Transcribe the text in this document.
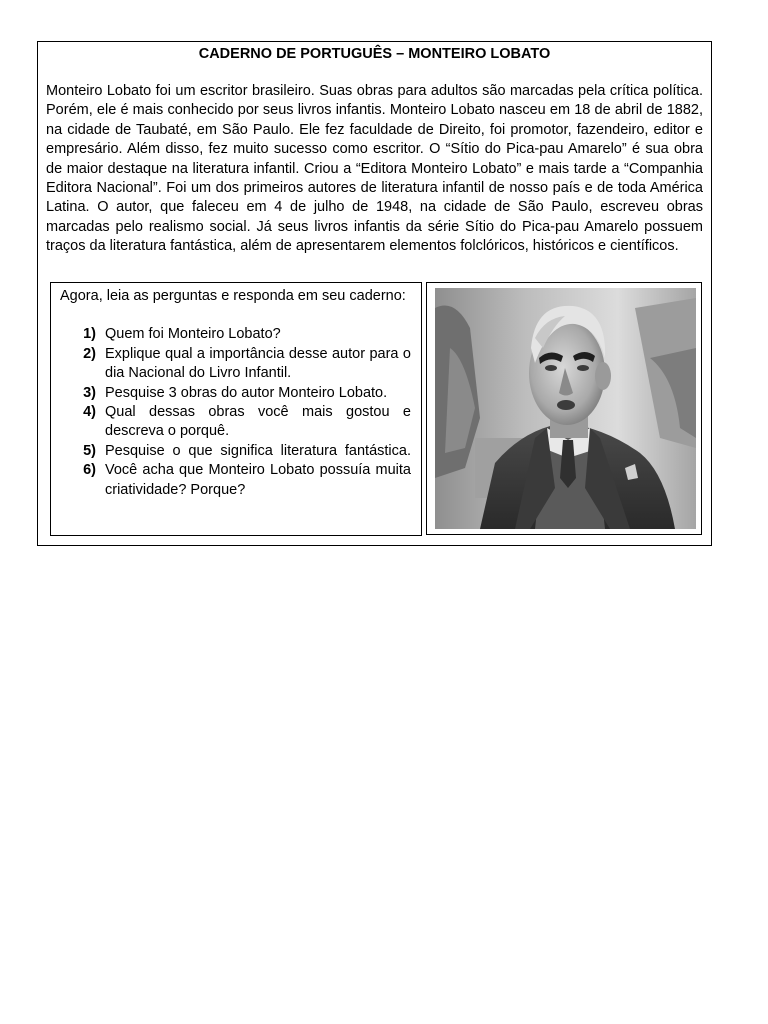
CADERNO DE PORTUGUÊS – MONTEIRO LOBATO

Monteiro Lobato foi um escritor brasileiro. Suas obras para adultos são marcadas pela crítica política. Porém, ele é mais conhecido por seus livros infantis. Monteiro Lobato nasceu em 18 de abril de 1882, na cidade de Taubaté, em São Paulo. Ele fez faculdade de Direito, foi promotor, fazendeiro, editor e empresário. Além disso, fez muito sucesso como escritor. O “Sítio do Pica-pau Amarelo” é sua obra de maior destaque na literatura infantil. Criou a “Editora Monteiro Lobato” e mais tarde a “Companhia Editora Nacional”. Foi um dos primeiros autores de literatura infantil de nosso país e de toda América Latina. O autor, que faleceu em 4 de julho de 1948, na cidade de São Paulo, escreveu obras marcadas pelo realismo social. Já seus livros infantis da série Sítio do Pica-pau Amarelo possuem traços da literatura fantástica, além de apresentarem elementos folclóricos, históricos e científicos.

Agora, leia as perguntas e responda em seu caderno:
1) Quem foi Monteiro Lobato?
2) Explique qual a importância desse autor para o dia Nacional do Livro Infantil.
3) Pesquise 3 obras do autor Monteiro Lobato.
4) Qual dessas obras você mais gostou e descreva o porquê.
5) Pesquise o que significa literatura fantástica.
6) Você acha que Monteiro Lobato possuía muita criatividade? Porque?
